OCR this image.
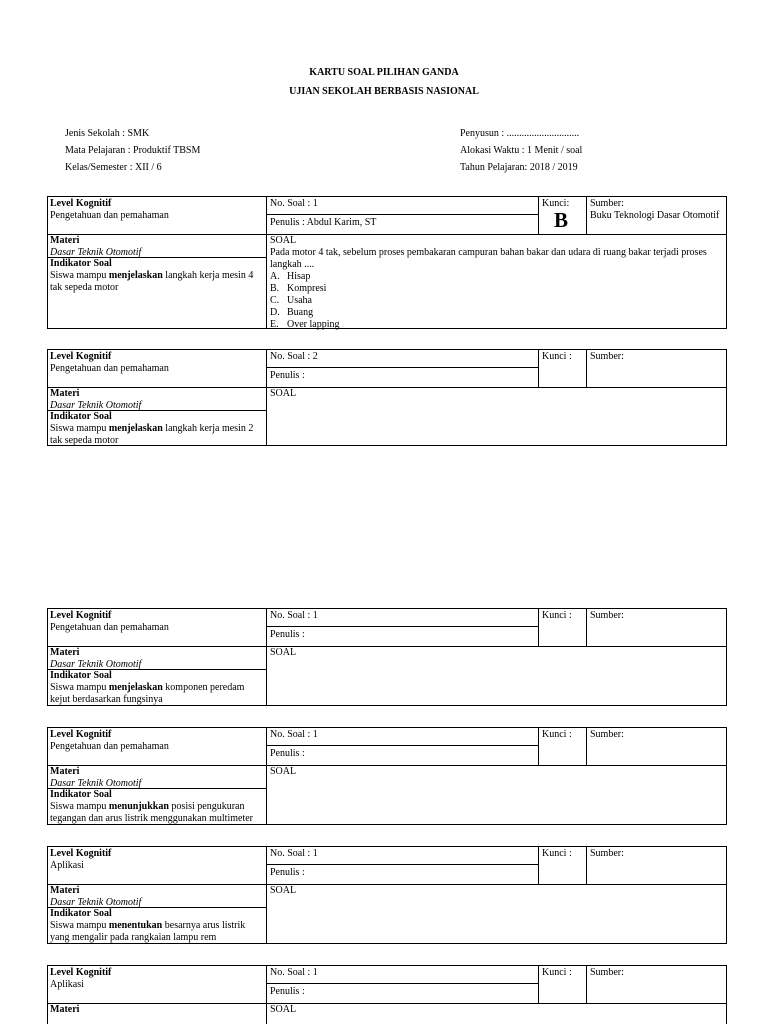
KARTU SOAL PILIHAN GANDA
UJIAN SEKOLAH BERBASIS NASIONAL
Jenis Sekolah : SMK
Mata Pelajaran : Produktif TBSM
Kelas/Semester : XII / 6
Penyusun : .............................
Alokasi Waktu : 1 Menit / soal
Tahun Pelajaran: 2018 / 2019
Level Kognitif
Pengetahuan dan pemahaman
No. Soal : 1
Penulis : Abdul Karim, ST
Kunci:
B
Sumber:
Buku Teknologi Dasar Otomotif
Materi
Dasar Teknik Otomotif
Indikator Soal
Siswa mampu menjelaskan langkah kerja mesin 4 tak sepeda motor
SOAL
Pada motor 4 tak, sebelum proses pembakaran campuran bahan bakar dan udara di ruang bakar terjadi proses langkah ....
A. Hisap
B. Kompresi
C. Usaha
D. Buang
E. Over lapping
Level Kognitif
Pengetahuan dan pemahaman
No. Soal : 2
Penulis :
Kunci :	Sumber:
Materi
Dasar Teknik Otomotif
Indikator Soal
Siswa mampu menjelaskan langkah kerja mesin 2 tak sepeda motor
SOAL
Level Kognitif
Pengetahuan dan pemahaman
No. Soal : 1
Penulis :
Kunci :	Sumber:
Materi
Dasar Teknik Otomotif
Indikator Soal
Siswa mampu menjelaskan komponen peredam kejut berdasarkan fungsinya
SOAL
Level Kognitif
Pengetahuan dan pemahaman
No. Soal : 1
Penulis :
Kunci :	Sumber:
Materi
Dasar Teknik Otomotif
Indikator Soal
Siswa mampu menunjukkan posisi pengukuran tegangan dan arus listrik menggunakan multimeter
SOAL
Level Kognitif
Aplikasi
No. Soal : 1
Penulis :
Kunci :	Sumber:
Materi
Dasar Teknik Otomotif
Indikator Soal
Siswa mampu menentukan besarnya arus listrik yang mengalir pada rangkaian lampu rem
SOAL
Level Kognitif
Aplikasi
No. Soal : 1
Penulis :
Kunci :	Sumber:
Materi	SOAL
